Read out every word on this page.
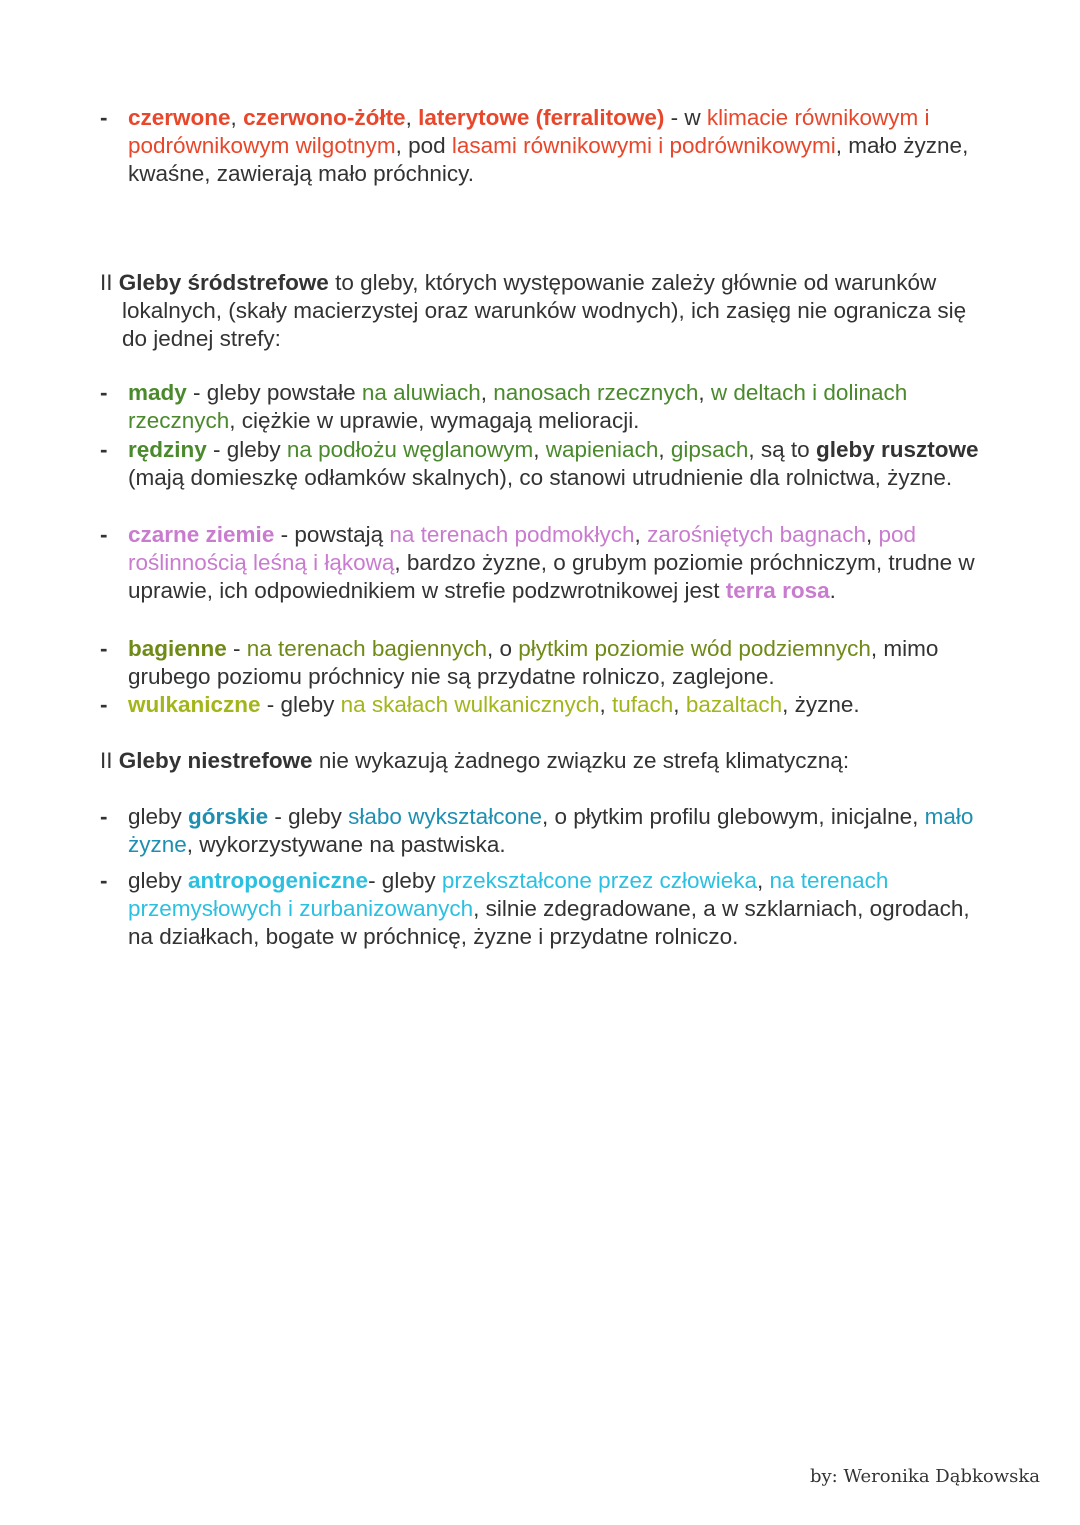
- czerwone, czerwono-żółte, laterytowe (ferralitowe) - w klimacie równikowym i podrównikowym wilgotnym, pod lasami równikowymi i podrównikowymi, mało żyzne, kwaśne, zawierają mało próchnicy.
II Gleby śródstrefowe to gleby, których występowanie zależy głównie od warunków lokalnych, (skały macierzystej oraz warunków wodnych), ich zasięg nie ogranicza się do jednej strefy:
- mady - gleby powstałe na aluwiach, nanosach rzecznych, w deltach i dolinach rzecznych, ciężkie w uprawie, wymagają melioracji.
- rędziny - gleby na podłożu węglanowym, wapieniach, gipsach, są to gleby rusztowe (mają domieszkę odłamków skalnych), co stanowi utrudnienie dla rolnictwa, żyzne.
- czarne ziemie - powstają na terenach podmokłych, zarośniętych bagnach, pod roślinnością leśną i łąkową, bardzo żyzne, o grubym poziomie próchniczym, trudne w uprawie, ich odpowiednikiem w strefie podzwrotnikowej jest terra rosa.
- bagienne - na terenach bagiennych, o płytkim poziomie wód podziemnych, mimo grubego poziomu próchnicy nie są przydatne rolniczo, zaglejone.
- wulkaniczne - gleby na skałach wulkanicznych, tufach, bazaltach, żyzne.
II Gleby niestrefowe nie wykazują żadnego związku ze strefą klimatyczną:
- gleby górskie - gleby słabo wykształcone, o płytkim profilu glebowym, inicjalne, mało żyzne, wykorzystywane na pastwiska.
- gleby antropogeniczne- gleby przekształcone przez człowieka, na terenach przemysłowych i zurbanizowanych, silnie zdegradowane, a w szklarniach, ogrodach, na działkach, bogate w próchnicę, żyzne i przydatne rolniczo.
by: Weronika Dąbkowska
